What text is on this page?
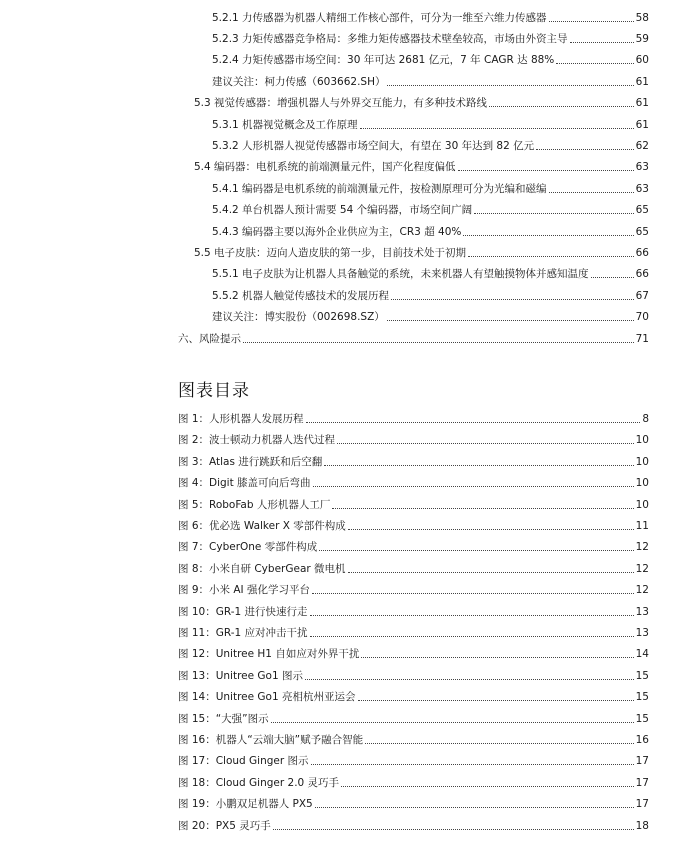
5.2.1 力传感器为机器人精细工作核心部件，可分为一维至六维力传感器	58
5.2.3 力矩传感器竞争格局：多维力矩传感器技术壁垒较高，市场由外资主导	59
5.2.4 力矩传感器市场空间：30 年可达 2681 亿元，7 年 CAGR 达 88%	60
建议关注：柯力传感（603662.SH）	61
5.3 视觉传感器：增强机器人与外界交互能力，有多种技术路线	61
5.3.1 机器视觉概念及工作原理	61
5.3.2 人形机器人视觉传感器市场空间大，有望在 30 年达到 82 亿元	62
5.4 编码器：电机系统的前端测量元件，国产化程度偏低	63
5.4.1 编码器是电机系统的前端测量元件，按检测原理可分为光编和磁编	63
5.4.2 单台机器人预计需要 54 个编码器，市场空间广阔	65
5.4.3 编码器主要以海外企业供应为主，CR3 超 40%	65
5.5 电子皮肤：迈向人造皮肤的第一步，目前技术处于初期	66
5.5.1 电子皮肤为让机器人具备触觉的系统，未来机器人有望触摸物体并感知温度	66
5.5.2 机器人触觉传感技术的发展历程	67
建议关注：博实股份（002698.SZ）	70
六、风险提示	71
图表目录
图 1：人形机器人发展历程	8
图 2：波士顿动力机器人迭代过程	10
图 3：Atlas 进行跳跃和后空翻	10
图 4：Digit 膝盖可向后弯曲	10
图 5：RoboFab 人形机器人工厂	10
图 6：优必选 Walker X 零部件构成	11
图 7：CyberOne 零部件构成	12
图 8：小米自研 CyberGear 微电机	12
图 9：小米 AI 强化学习平台	12
图 10：GR-1 进行快速行走	13
图 11：GR-1 应对冲击干扰	13
图 12：Unitree H1 自如应对外界干扰	14
图 13：Unitree Go1 图示	15
图 14：Unitree Go1 亮相杭州亚运会	15
图 15：“大强”图示	15
图 16：机器人“云端大脑”赋予融合智能	16
图 17：Cloud Ginger 图示	17
图 18：Cloud Ginger 2.0 灵巧手	17
图 19：小鹏双足机器人 PX5	17
图 20：PX5 灵巧手	18
